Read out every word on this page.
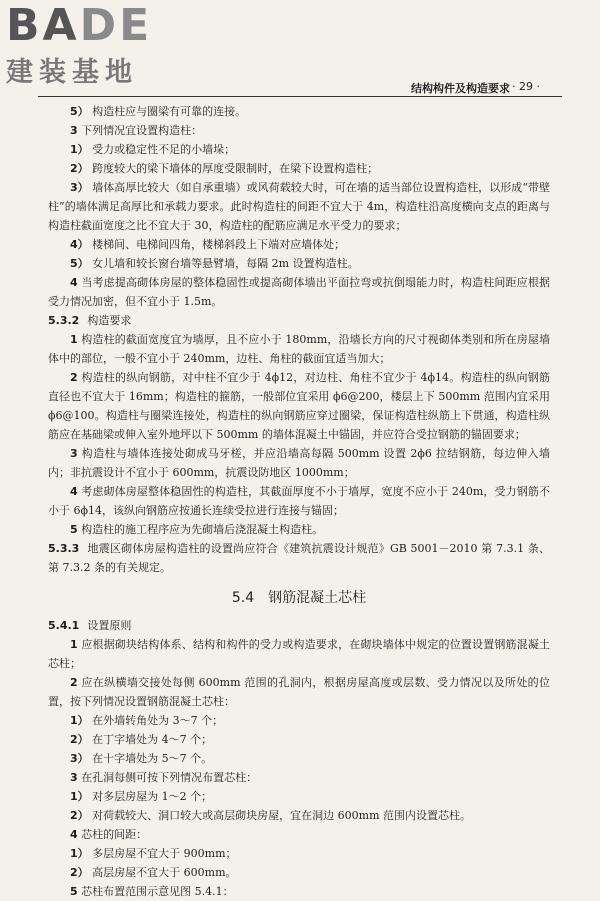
BADE
建装基地
结构构件及构造要求 · 29 ·

5） 构造柱应与圈梁有可靠的连接。

3 下列情况宜设置构造柱：

1） 受力或稳定性不足的小墙垛；

2） 跨度较大的梁下墙体的厚度受限制时，在梁下设置构造柱；

3） 墙体高厚比较大（如自承重墙）或风荷载较大时，可在墙的适当部位设置构造柱，以形成“带壁柱”的墙体满足高厚比和承载力要求。此时构造柱的间距不宜大于 4m，构造柱沿高度横向支点的距离与构造柱截面宽度之比不宜大于 30，构造柱的配筋应满足水平受力的要求；

4） 楼梯间、电梯间四角，楼梯斜段上下端对应墙体处；

5） 女儿墙和较长窗台墙等悬臂墙，每隔 2m 设置构造柱。

4 当考虑提高砌体房屋的整体稳固性或提高砌体墙出平面拉弯或抗倒塌能力时，构造柱间距应根据受力情况加密，但不宜小于 1.5m。

5.3.2 构造要求

1 构造柱的截面宽度宜为墙厚，且不应小于 180mm，沿墙长方向的尺寸视砌体类别和所在房屋墙体中的部位，一般不宜小于 240mm，边柱、角柱的截面宜适当加大；

2 构造柱的纵向钢筋，对中柱不宜少于 4ϕ12，对边柱、角柱不宜少于 4ϕ14。构造柱的纵向钢筋直径也不宜大于 16mm；构造柱的箍筋，一般部位宜采用 ϕ6@200，楼层上下 500mm 范围内宜采用 ϕ6@100。构造柱与圈梁连接处，构造柱的纵向钢筋应穿过圈梁，保证构造柱纵筋上下贯通，构造柱纵筋应在基础梁或伸入室外地坪以下 500mm 的墙体混凝土中锚固，并应符合受拉钢筋的锚固要求；

3 构造柱与墙体连接处砌成马牙槎，并应沿墙高每隔 500mm 设置 2ϕ6 拉结钢筋，每边伸入墙内；非抗震设计不宜小于 600mm，抗震设防地区 1000mm；

4 考虑砌体房屋整体稳固性的构造柱，其截面厚度不小于墙厚，宽度不应小于 240m，受力钢筋不小于 6ϕ14，该纵向钢筋应按通长连续受拉进行连接与锚固；

5 构造柱的施工程序应为先砌墙后浇混凝土构造柱。

5.3.3 地震区砌体房屋构造柱的设置尚应符合《建筑抗震设计规范》GB 5001－2010 第 7.3.1 条、第 7.3.2 条的有关规定。

5.4 钢筋混凝土芯柱

5.4.1 设置原则

1 应根据砌块结构体系、结构和构件的受力或构造要求，在砌块墙体中规定的位置设置钢筋混凝土芯柱；

2 应在纵横墙交接处每侧 600mm 范围的孔洞内，根据房屋高度或层数、受力情况以及所处的位置，按下列情况设置钢筋混凝土芯柱：

1） 在外墙转角处为 3～7 个；

2） 在丁字墙处为 4～7 个；

3） 在十字墙处为 5～7 个。

3 在孔洞每侧可按下列情况布置芯柱：

1） 对多层房屋为 1～2 个；

2） 对荷载较大、洞口较大或高层砌块房屋，宜在洞边 600mm 范围内设置芯柱。

4 芯柱的间距：

1） 多层房屋不宜大于 900mm；

2） 高层房屋不宜大于 600mm。

5 芯柱布置范围示意见图 5.4.1：
